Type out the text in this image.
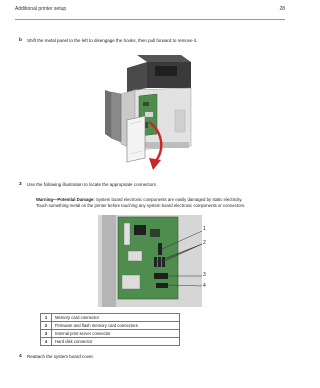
Additional printer setup	28
b Shift the metal panel to the left to disengage the hooks, then pull forward to remove it.
3 Use the following illustration to locate the appropriate connectors.
Warning—Potential Damage: System board electronic components are easily damaged by static electricity.
Touch something metal on the printer before touching any system board electronic components or connectors.
1
2
3
4
1	Memory card connector
2	Firmware and flash memory card connectors
3	Internal print server connector
4	Hard disk connector
4 Reattach the system board cover.
